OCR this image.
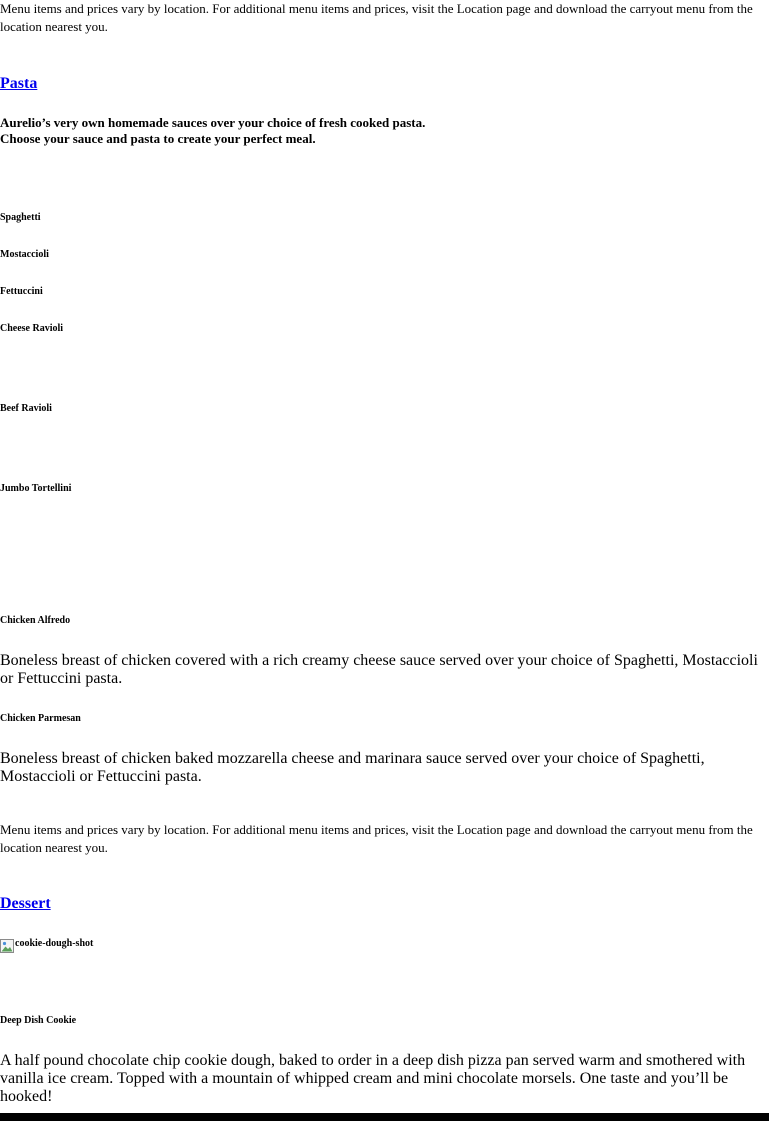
Menu items and prices vary by location. For additional menu items and prices, visit the Location page and download the carryout menu from the location nearest you.

Pasta

Aurelio’s very own homemade sauces over your choice of fresh cooked pasta.

Choose your sauce and pasta to create your perfect meal.

Spaghetti
Mostaccioli
Fettuccini
Cheese Ravioli
Beef Ravioli
Jumbo Tortellini
Chicken Alfredo

Boneless breast of chicken covered with a rich creamy cheese sauce served over your choice of Spaghetti, Mostaccioli or Fettuccini pasta.

Chicken Parmesan

Boneless breast of chicken baked mozzarella cheese and marinara sauce served over your choice of Spaghetti, Mostaccioli or Fettuccini pasta.

Menu items and prices vary by location. For additional menu items and prices, visit the Location page and download the carryout menu from the location nearest you.

Dessert
cookie-dough-shot
Deep Dish Cookie

A half pound chocolate chip cookie dough, baked to order in a deep dish pizza pan served warm and smothered with vanilla ice cream. Topped with a mountain of whipped cream and mini chocolate morsels. One taste and you’ll be hooked!
